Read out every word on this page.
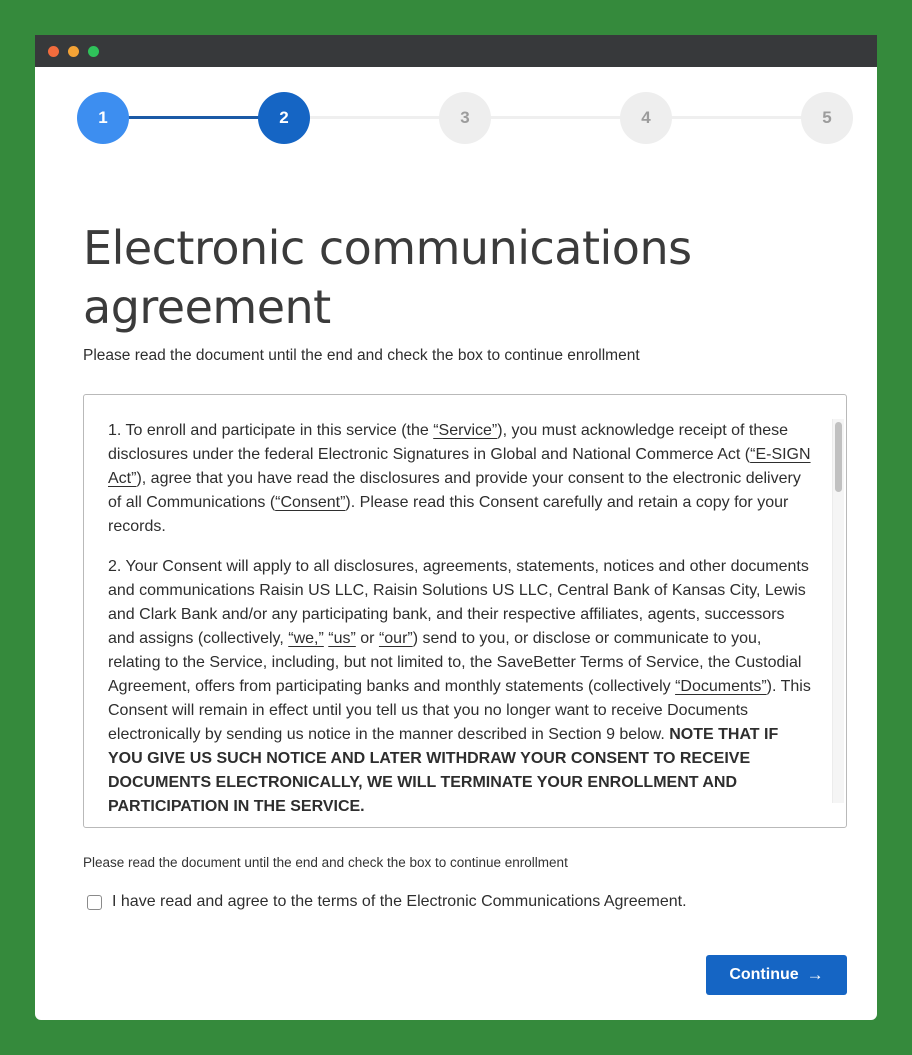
1	2	3	4	5
Electronic communications agreement

Please read the document until the end and check the box to continue enrollment

1. To enroll and participate in this service (the “Service”), you must acknowledge receipt of these disclosures under the federal Electronic Signatures in Global and National Commerce Act (“E-SIGN Act”), agree that you have read the disclosures and provide your consent to the electronic delivery of all Communications (“Consent”). Please read this Consent carefully and retain a copy for your records.

2. Your Consent will apply to all disclosures, agreements, statements, notices and other documents and communications Raisin US LLC, Raisin Solutions US LLC, Central Bank of Kansas City, Lewis and Clark Bank and/or any participating bank, and their respective affiliates, agents, successors and assigns (collectively, “we,” “us” or “our”) send to you, or disclose or communicate to you, relating to the Service, including, but not limited to, the SaveBetter Terms of Service, the Custodial Agreement, offers from participating banks and monthly statements (collectively “Documents”). This Consent will remain in effect until you tell us that you no longer want to receive Documents electronically by sending us notice in the manner described in Section 9 below. NOTE THAT IF YOU GIVE US SUCH NOTICE AND LATER WITHDRAW YOUR CONSENT TO RECEIVE DOCUMENTS ELECTRONICALLY, WE WILL TERMINATE YOUR ENROLLMENT AND PARTICIPATION IN THE SERVICE.

Please read the document until the end and check the box to continue enrollment

I have read and agree to the terms of the Electronic Communications Agreement.
Continue →
